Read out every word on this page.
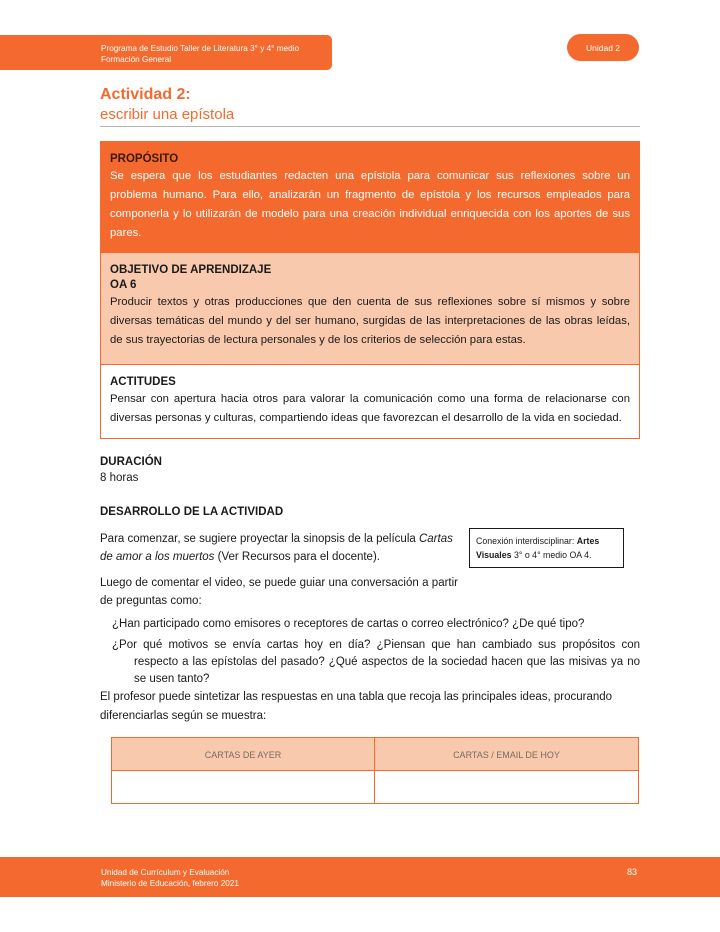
Programa de Estudio Taller de Literatura 3° y 4° medio
Formación General
Unidad 2
Actividad 2:
escribir una epístola
PROPÓSITO
Se espera que los estudiantes redacten una epístola para comunicar sus reflexiones sobre un problema humano. Para ello, analizarán un fragmento de epístola y los recursos empleados para componerla y lo utilizarán de modelo para una creación individual enriquecida con los aportes de sus pares.
OBJETIVO DE APRENDIZAJE
OA 6
Producir textos y otras producciones que den cuenta de sus reflexiones sobre sí mismos y sobre diversas temáticas del mundo y del ser humano, surgidas de las interpretaciones de las obras leídas, de sus trayectorias de lectura personales y de los criterios de selección para estas.
ACTITUDES
Pensar con apertura hacia otros para valorar la comunicación como una forma de relacionarse con diversas personas y culturas, compartiendo ideas que favorezcan el desarrollo de la vida en sociedad.
DURACIÓN
8 horas
DESARROLLO DE LA ACTIVIDAD
Para comenzar, se sugiere proyectar la sinopsis de la película Cartas de amor a los muertos (Ver Recursos para el docente).
Conexión interdisciplinar: Artes Visuales 3° o 4° medio OA 4.
Luego de comentar el video, se puede guiar una conversación a partir de preguntas como:
¿Han participado como emisores o receptores de cartas o correo electrónico? ¿De qué tipo?
¿Por qué motivos se envía cartas hoy en día? ¿Piensan que han cambiado sus propósitos con respecto a las epístolas del pasado? ¿Qué aspectos de la sociedad hacen que las misivas ya no se usen tanto?
El profesor puede sintetizar las respuestas en una tabla que recoja las principales ideas, procurando diferenciarlas según se muestra:
CARTAS DE AYER	CARTAS / EMAIL DE HOY
Unidad de Currículum y Evaluación
Ministerio de Educación, febrero 2021
83
